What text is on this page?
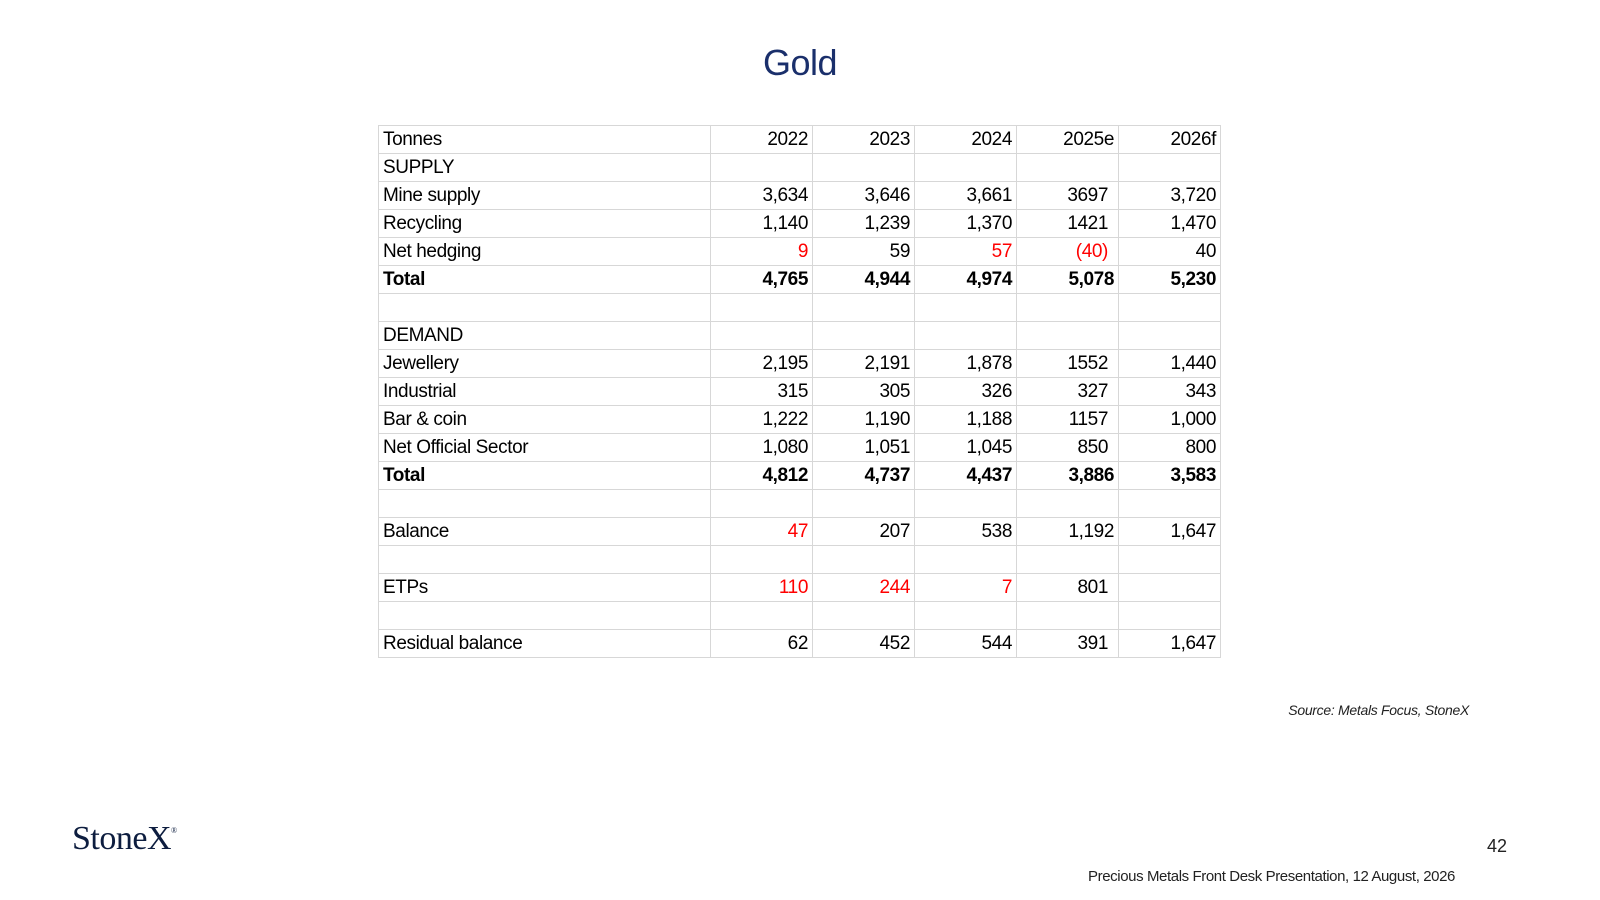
Gold
Tonnes	2022	2023	2024	2025e	2026f
SUPPLY					
Mine supply	3,634	3,646	3,661	3697	3,720
Recycling	1,140	1,239	1,370	1421	1,470
Net hedging	9	59	57	(40)	40
Total	4,765	4,944	4,974	5,078	5,230

DEMAND					
Jewellery	2,195	2,191	1,878	1552	1,440
Industrial	315	305	326	327	343
Bar & coin	1,222	1,190	1,188	1157	1,000
Net Official Sector	1,080	1,051	1,045	850	800
Total	4,812	4,737	4,437	3,886	3,583

Balance	47	207	538	1,192	1,647

ETPs	110	244	7	801	

Residual balance	62	452	544	391	1,647
Source: Metals Focus, StoneX
StoneX®
42
Precious Metals Front Desk Presentation, 12 August, 2026
